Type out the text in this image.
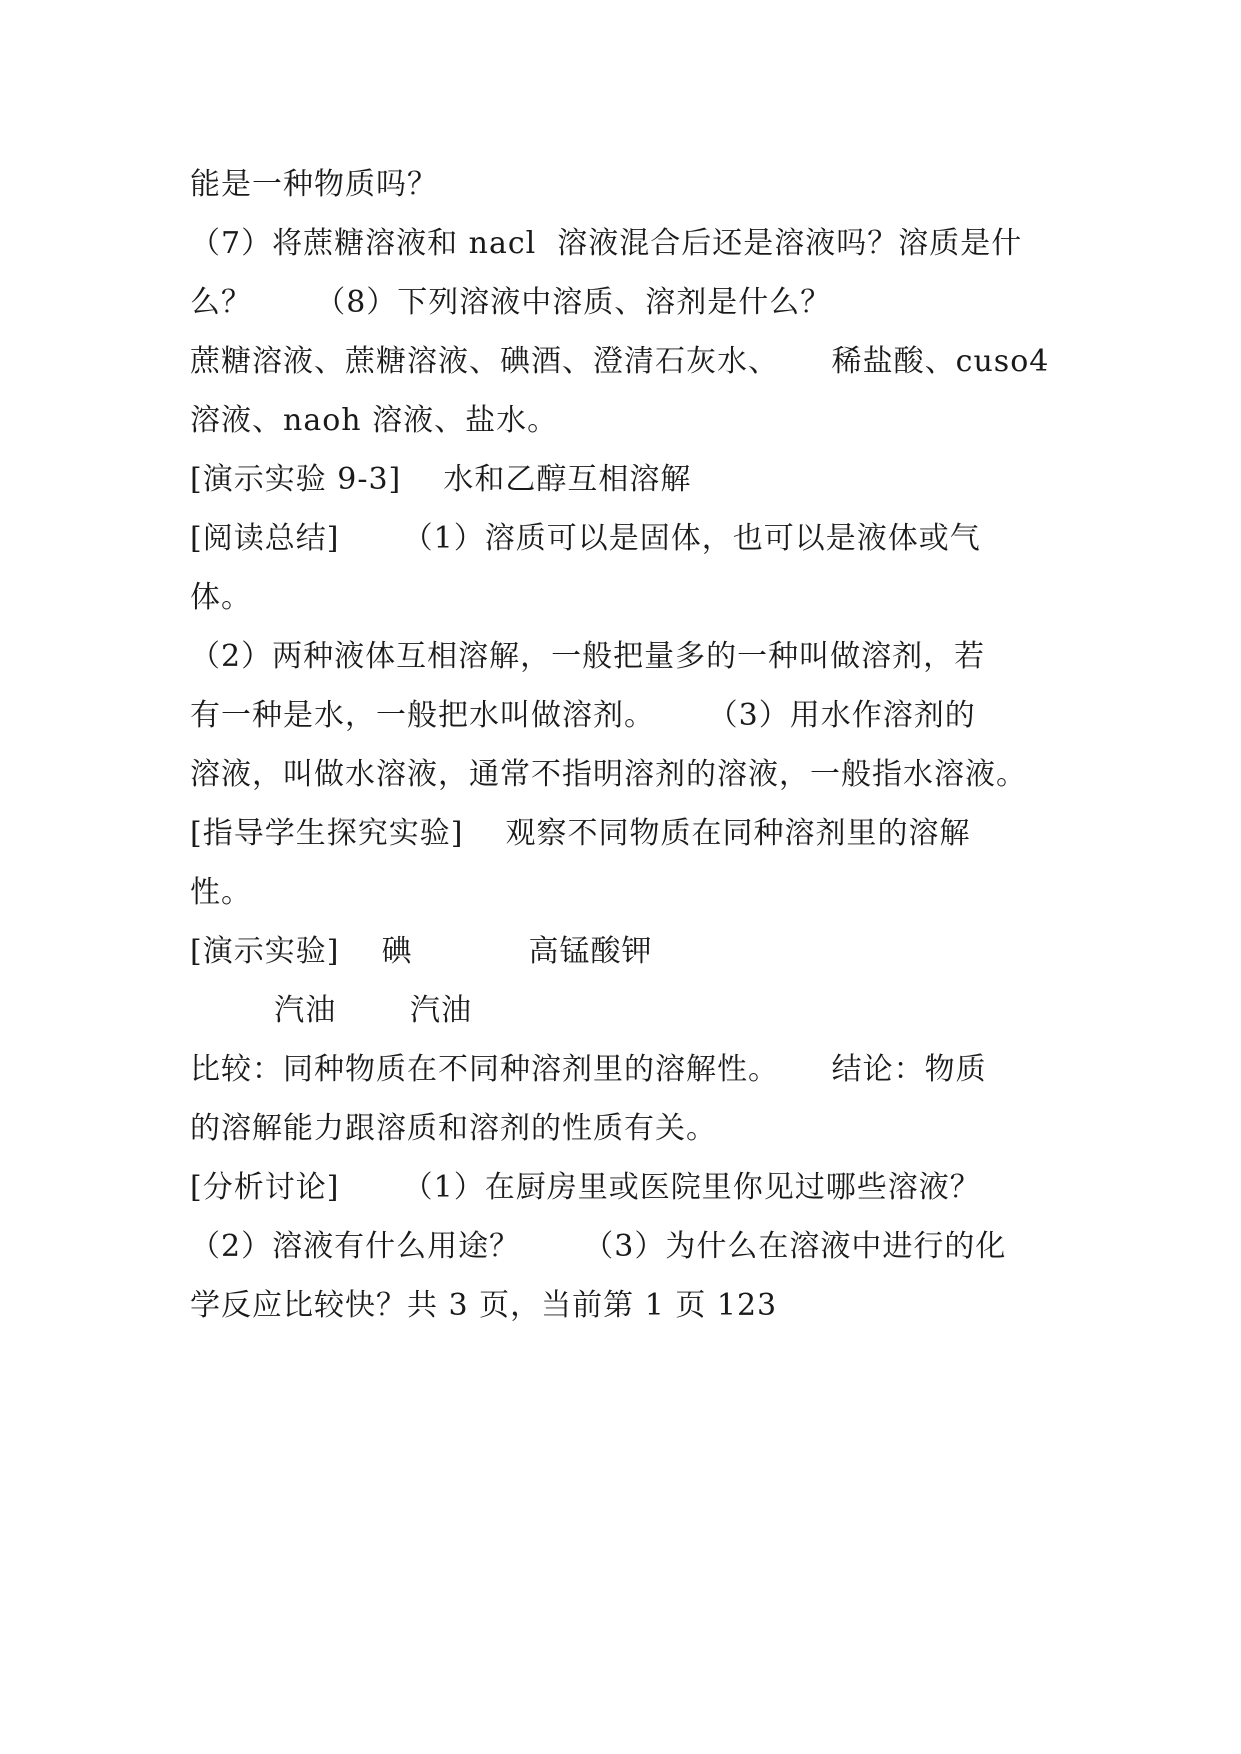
能是一种物质吗？
（7）将蔗糖溶液和 nacl  溶液混合后还是溶液吗？溶质是什
么？      （8）下列溶液中溶质、溶剂是什么？
蔗糖溶液、蔗糖溶液、碘酒、澄清石灰水、     稀盐酸、cuso4
溶液、naoh 溶液、盐水。
[演示实验 9-3]    水和乙醇互相溶解
[阅读总结]      （1）溶质可以是固体，也可以是液体或气
体。
（2）两种液体互相溶解，一般把量多的一种叫做溶剂，若
有一种是水，一般把水叫做溶剂。     （3）用水作溶剂的
溶液，叫做水溶液，通常不指明溶剂的溶液，一般指水溶液。
[指导学生探究实验]    观察不同物质在同种溶剂里的溶解
性。
[演示实验]    碘           高锰酸钾
汽油       汽油
比较：同种物质在不同种溶剂里的溶解性。     结论：物质
的溶解能力跟溶质和溶剂的性质有关。
[分析讨论]      （1）在厨房里或医院里你见过哪些溶液？
（2）溶液有什么用途？      （3）为什么在溶液中进行的化
学反应比较快？共 3 页，当前第 1 页 123
